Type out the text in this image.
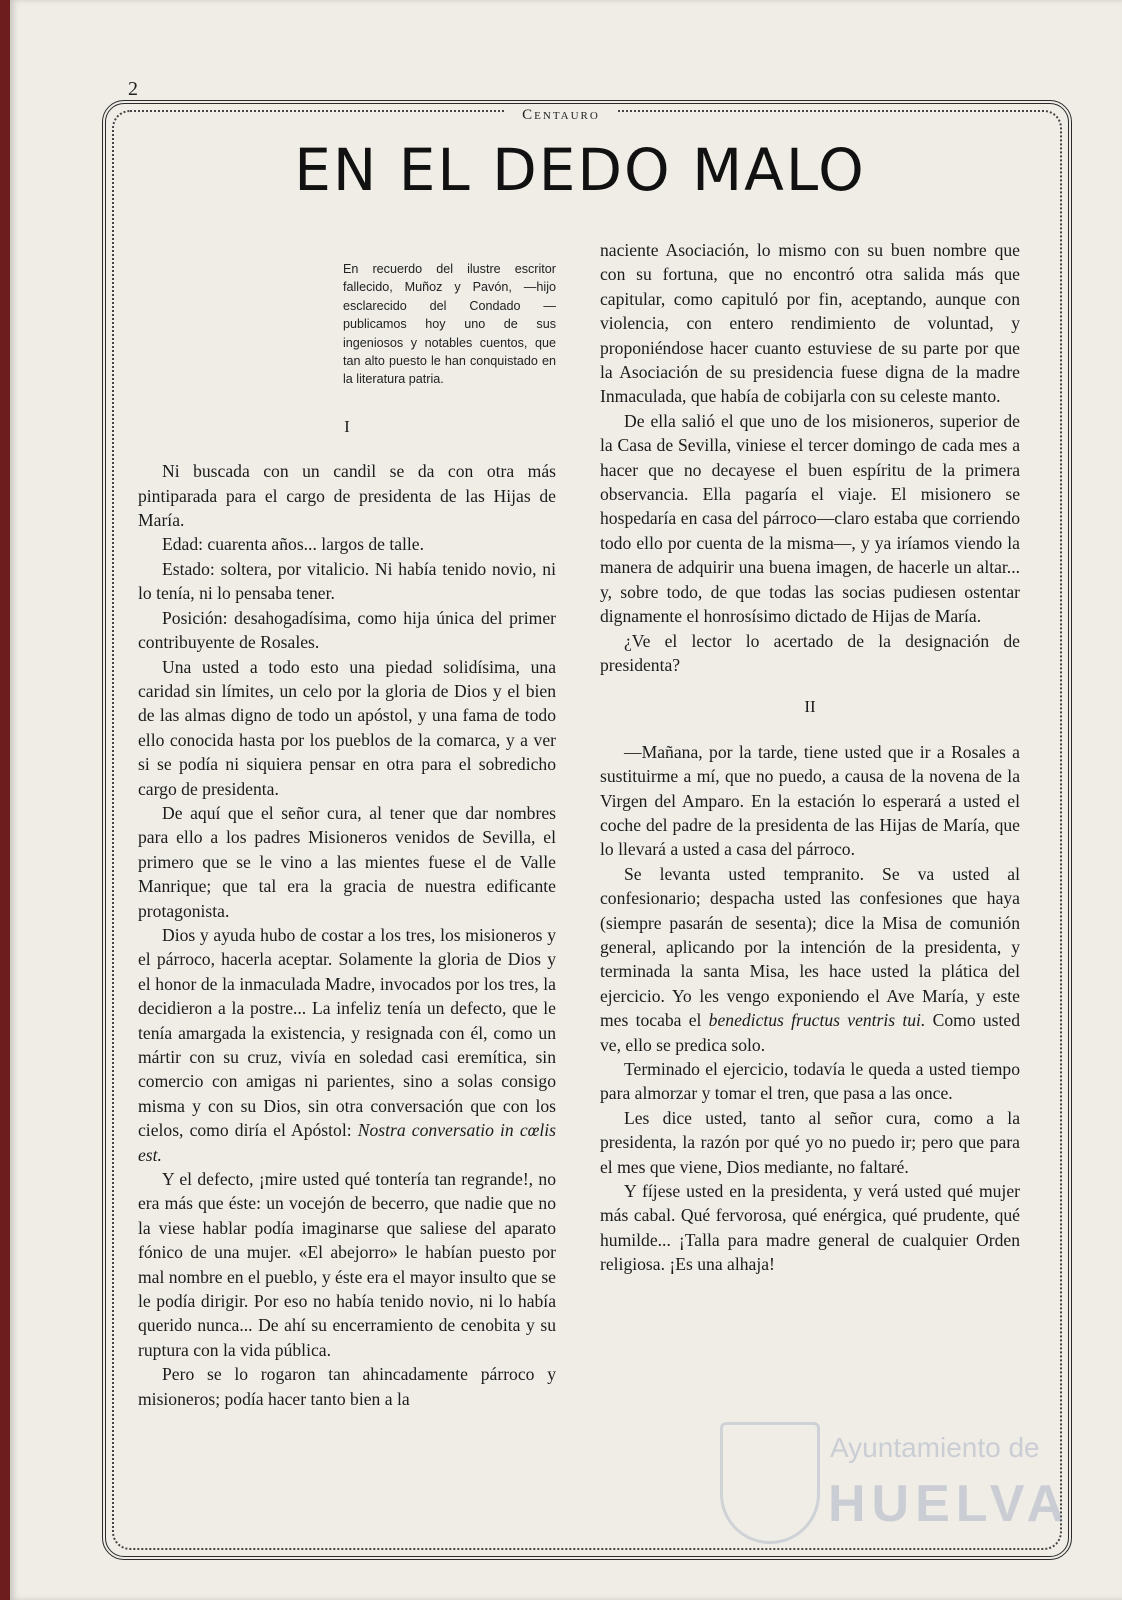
2
Centauro
EN EL DEDO MALO
En recuerdo del ilustre escritor fallecido, Muñoz y Pavón, —hijo esclarecido del Condado —publicamos hoy uno de sus ingeniosos y notables cuentos, que tan alto puesto le han conquistado en la literatura patria.
I

Ni buscada con un candil se da con otra más pintiparada para el cargo de presidenta de las Hijas de María.

Edad: cuarenta años... largos de talle.

Estado: soltera, por vitalicio. Ni había tenido novio, ni lo tenía, ni lo pensaba tener.

Posición: desahogadísima, como hija única del primer contribuyente de Rosales.

Una usted a todo esto una piedad solidísima, una caridad sin límites, un celo por la gloria de Dios y el bien de las almas digno de todo un apóstol, y una fama de todo ello conocida hasta por los pueblos de la comarca, y a ver si se podía ni siquiera pensar en otra para el sobredicho cargo de presidenta.

De aquí que el señor cura, al tener que dar nombres para ello a los padres Misioneros venidos de Sevilla, el primero que se le vino a las mientes fuese el de Valle Manrique; que tal era la gracia de nuestra edificante protagonista.

Dios y ayuda hubo de costar a los tres, los misioneros y el párroco, hacerla aceptar. Solamente la gloria de Dios y el honor de la inmaculada Madre, invocados por los tres, la decidieron a la postre... La infeliz tenía un defecto, que le tenía amargada la existencia, y resignada con él, como un mártir con su cruz, vivía en soledad casi eremítica, sin comercio con amigas ni parientes, sino a solas consigo misma y con su Dios, sin otra conversación que con los cielos, como diría el Apóstol: Nostra conversatio in cœlis est.

Y el defecto, ¡mire usted qué tontería tan regrande!, no era más que éste: un vocejón de becerro, que nadie que no la viese hablar podía imaginarse que saliese del aparato fónico de una mujer. «El abejorro» le habían puesto por mal nombre en el pueblo, y éste era el mayor insulto que se le podía dirigir. Por eso no había tenido novio, ni lo había querido nunca... De ahí su encerramiento de cenobita y su ruptura con la vida pública.

Pero se lo rogaron tan ahincadamente párroco y misioneros; podía hacer tanto bien a la

naciente Asociación, lo mismo con su buen nombre que con su fortuna, que no encontró otra salida más que capitular, como capituló por fin, aceptando, aunque con violencia, con entero rendimiento de voluntad, y proponiéndose hacer cuanto estuviese de su parte por que la Asociación de su presidencia fuese digna de la madre Inmaculada, que había de cobijarla con su celeste manto.

De ella salió el que uno de los misioneros, superior de la Casa de Sevilla, viniese el tercer domingo de cada mes a hacer que no decayese el buen espíritu de la primera observancia. Ella pagaría el viaje. El misionero se hospedaría en casa del párroco—claro estaba que corriendo todo ello por cuenta de la misma—, y ya iríamos viendo la manera de adquirir una buena imagen, de hacerle un altar... y, sobre todo, de que todas las socias pudiesen ostentar dignamente el honrosísimo dictado de Hijas de María.

¿Ve el lector lo acertado de la designación de presidenta?

II

—Mañana, por la tarde, tiene usted que ir a Rosales a sustituirme a mí, que no puedo, a causa de la novena de la Virgen del Amparo. En la estación lo esperará a usted el coche del padre de la presidenta de las Hijas de María, que lo llevará a usted a casa del párroco.

Se levanta usted tempranito. Se va usted al confesionario; despacha usted las confesiones que haya (siempre pasarán de sesenta); dice la Misa de comunión general, aplicando por la intención de la presidenta, y terminada la santa Misa, les hace usted la plática del ejercicio. Yo les vengo exponiendo el Ave María, y este mes tocaba el benedictus fructus ventris tui. Como usted ve, ello se predica solo.

Terminado el ejercicio, todavía le queda a usted tiempo para almorzar y tomar el tren, que pasa a las once.

Les dice usted, tanto al señor cura, como a la presidenta, la razón por qué yo no puedo ir; pero que para el mes que viene, Dios mediante, no faltaré.

Y fíjese usted en la presidenta, y verá usted qué mujer más cabal. Qué fervorosa, qué enérgica, qué prudente, qué humilde... ¡Talla para madre general de cualquier Orden religiosa. ¡Es una alhaja!

Ayuntamiento de
HUELVA
